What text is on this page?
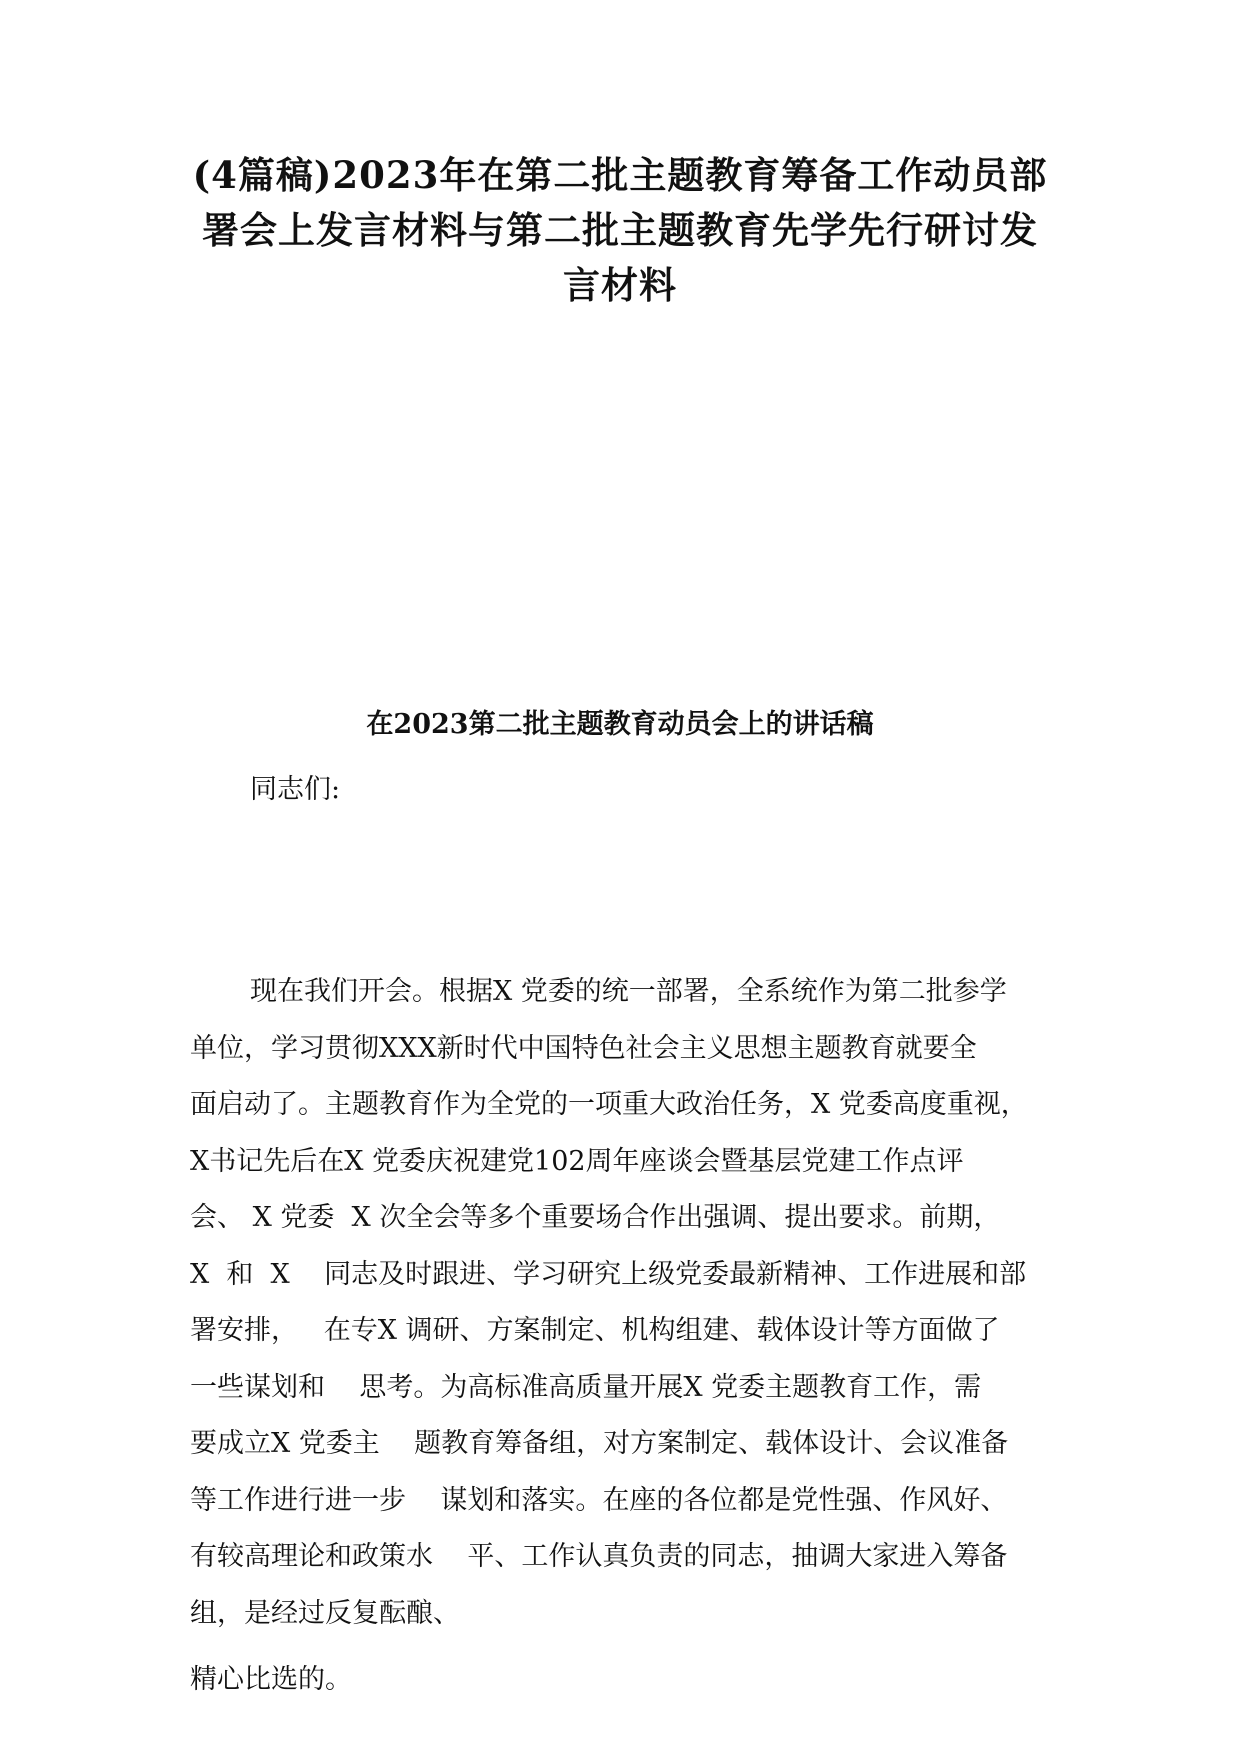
(4篇稿)2023年在第二批主题教育筹备工作动员部
署会上发言材料与第二批主题教育先学先行研讨发
言材料
在2023第二批主题教育动员会上的讲话稿

同志们:

现在我们开会。根据X 党委的统一部署，全系统作为第二批参学
单位，学习贯彻XXX新时代中国特色社会主义思想主题教育就要全
面启动了。主题教育作为全党的一项重大政治任务，X 党委高度重视，
X书记先后在X 党委庆祝建党102周年座谈会暨基层党建工作点评
会、 X 党委  X 次全会等多个重要场合作出强调、提出要求。前期，
X  和  X    同志及时跟进、学习研究上级党委最新精神、工作进展和部
署安排，   在专X 调研、方案制定、机构组建、载体设计等方面做了
一些谋划和    思考。为高标准高质量开展X 党委主题教育工作，需
要成立X 党委主    题教育筹备组，对方案制定、载体设计、会议准备
等工作进行进一步    谋划和落实。在座的各位都是党性强、作风好、
有较高理论和政策水    平、工作认真负责的同志，抽调大家进入筹备
组，是经过反复酝酿、

精心比选的。
